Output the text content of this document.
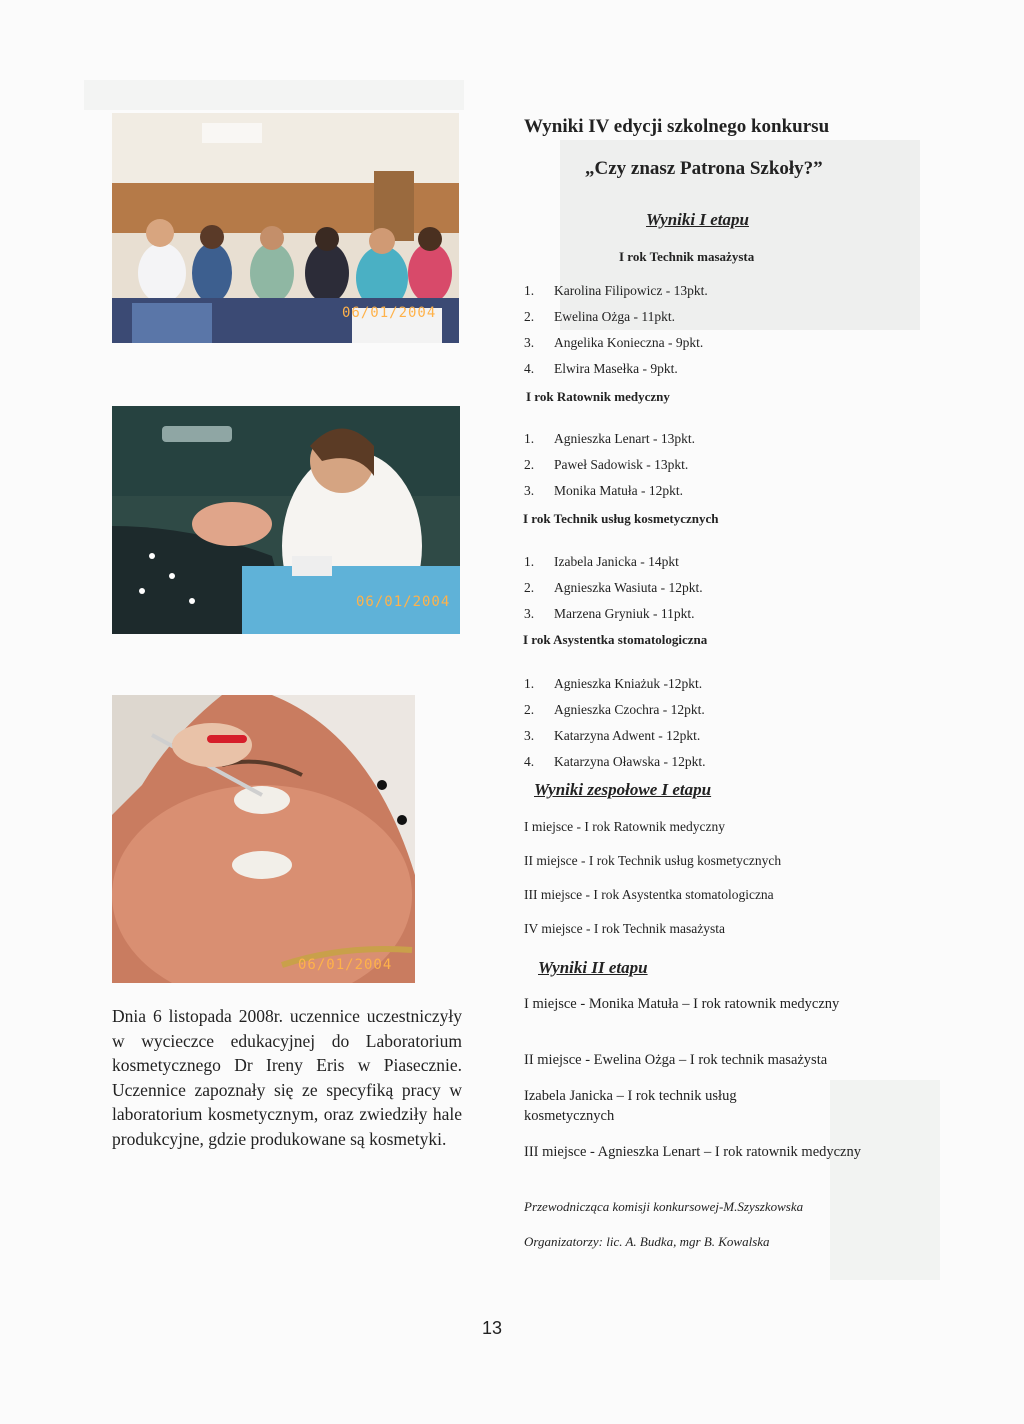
06/01/2004
06/01/2004
06/01/2004
Dnia 6 listopada 2008r. uczennice uczestniczyły w wycieczce edukacyjnej do Laboratorium kosmetycznego Dr Ireny Eris w Piasecznie. Uczennice zapoznały się ze specyfiką pracy w laboratorium kosmetycznym, oraz zwiedziły hale produkcyjne, gdzie produkowane są kosmetyki.
Wyniki IV edycji szkolnego konkursu
„Czy znasz Patrona Szkoły?”
Wyniki I etapu
I rok Technik masażysta
1. Karolina Filipowicz - 13pkt.
2. Ewelina Ożga - 11pkt.
3. Angelika Konieczna - 9pkt.
4. Elwira Masełka - 9pkt.
I rok Ratownik medyczny
1. Agnieszka Lenart - 13pkt.
2. Paweł Sadowisk - 13pkt.
3. Monika Matuła - 12pkt.
I rok Technik usług kosmetycznych
1. Izabela Janicka - 14pkt
2. Agnieszka Wasiuta - 12pkt.
3. Marzena Gryniuk - 11pkt.
I rok Asystentka stomatologiczna
1. Agnieszka Kniażuk -12pkt.
2. Agnieszka Czochra - 12pkt.
3. Katarzyna Adwent - 12pkt.
4. Katarzyna Oławska - 12pkt.
Wyniki zespołowe I etapu
I miejsce - I rok Ratownik medyczny
II miejsce - I rok Technik usług kosmetycznych
III miejsce - I rok Asystentka stomatologiczna
IV miejsce - I rok Technik masażysta
Wyniki II etapu
I miejsce - Monika Matuła – I rok ratownik medyczny
II miejsce - Ewelina Ożga – I rok technik masażysta
Izabela Janicka – I rok technik usług kosmetycznych
III miejsce - Agnieszka Lenart – I rok ratownik medyczny
Przewodnicząca komisji konkursowej-M.Szyszkowska
Organizatorzy: lic. A. Budka, mgr B. Kowalska
13
